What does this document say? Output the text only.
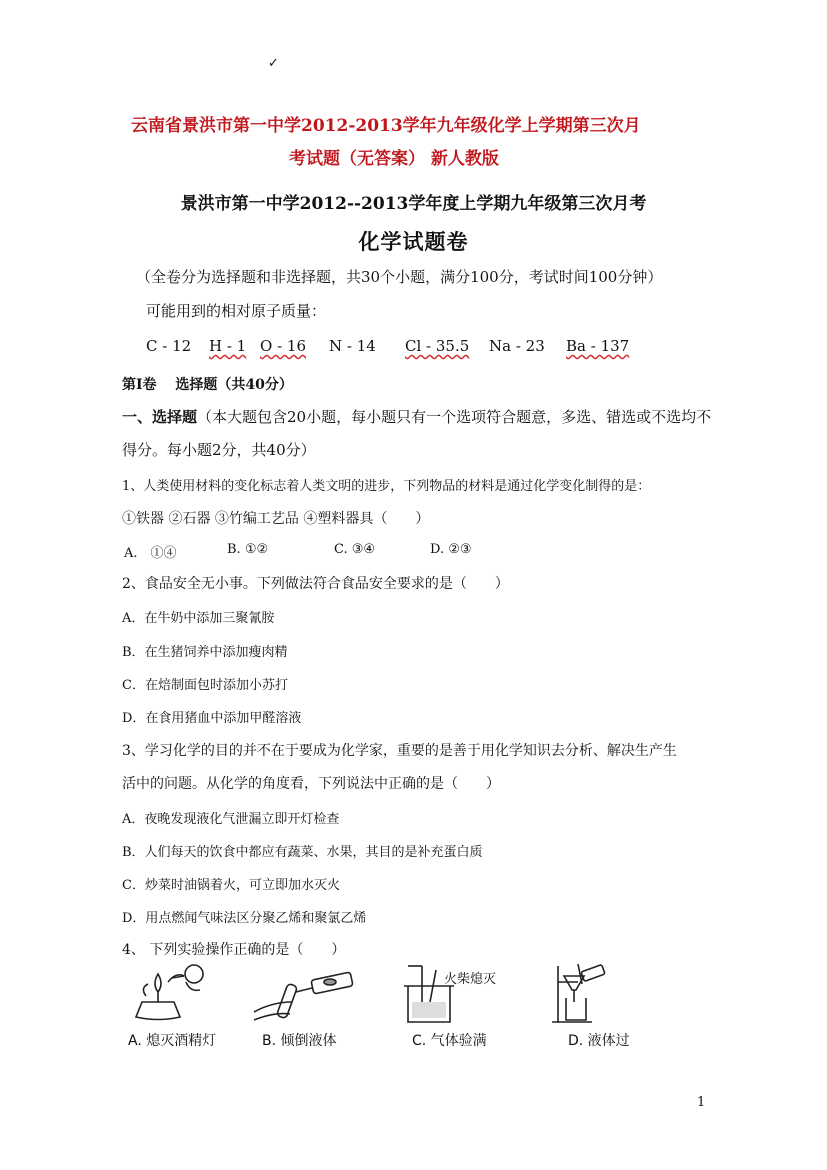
✓
云南省景洪市第一中学2012-2013学年九年级化学上学期第三次月
考试题（无答案） 新人教版
景洪市第一中学2012--2013学年度上学期九年级第三次月考
化学试题卷
（全卷分为选择题和非选择题，共30个小题，满分100分，考试时间100分钟）
可能用到的相对原子质量：
C - 12 H - 1 O - 16 N - 14 Cl - 35.5 Na - 23 Ba - 137
第Ⅰ卷　 选择题（共40分）
一、选择题（本大题包含20小题，每小题只有一个选项符合题意，多选、错选或不选均不
得分。每小题2分，共40分）
1、人类使用材料的变化标志着人类文明的进步，下列物品的材料是通过化学变化制得的是：
①铁器 ②石器 ③竹编工艺品 ④塑料器具（　　）
A.　①④	B. ①②	C. ③④	D. ②③
2、食品安全无小事。下列做法符合食品安全要求的是（　　）
A．在牛奶中添加三聚氰胺
B．在生猪饲养中添加瘦肉精
C．在焙制面包时添加小苏打
D．在食用猪血中添加甲醛溶液
3、学习化学的目的并不在于要成为化学家，重要的是善于用化学知识去分析、解决生产生
活中的问题。从化学的角度看，下列说法中正确的是（　　）
A．夜晚发现液化气泄漏立即开灯检查
B．人们每天的饮食中都应有蔬菜、水果，其目的是补充蛋白质
C．炒菜时油锅着火，可立即加水灭火
D．用点燃闻气味法区分聚乙烯和聚氯乙烯
4、 下列实验操作正确的是（　　）
A. 熄灭酒精灯	B. 倾倒液体
火柴熄灭
C. 气体验满	D. 液体过
1
